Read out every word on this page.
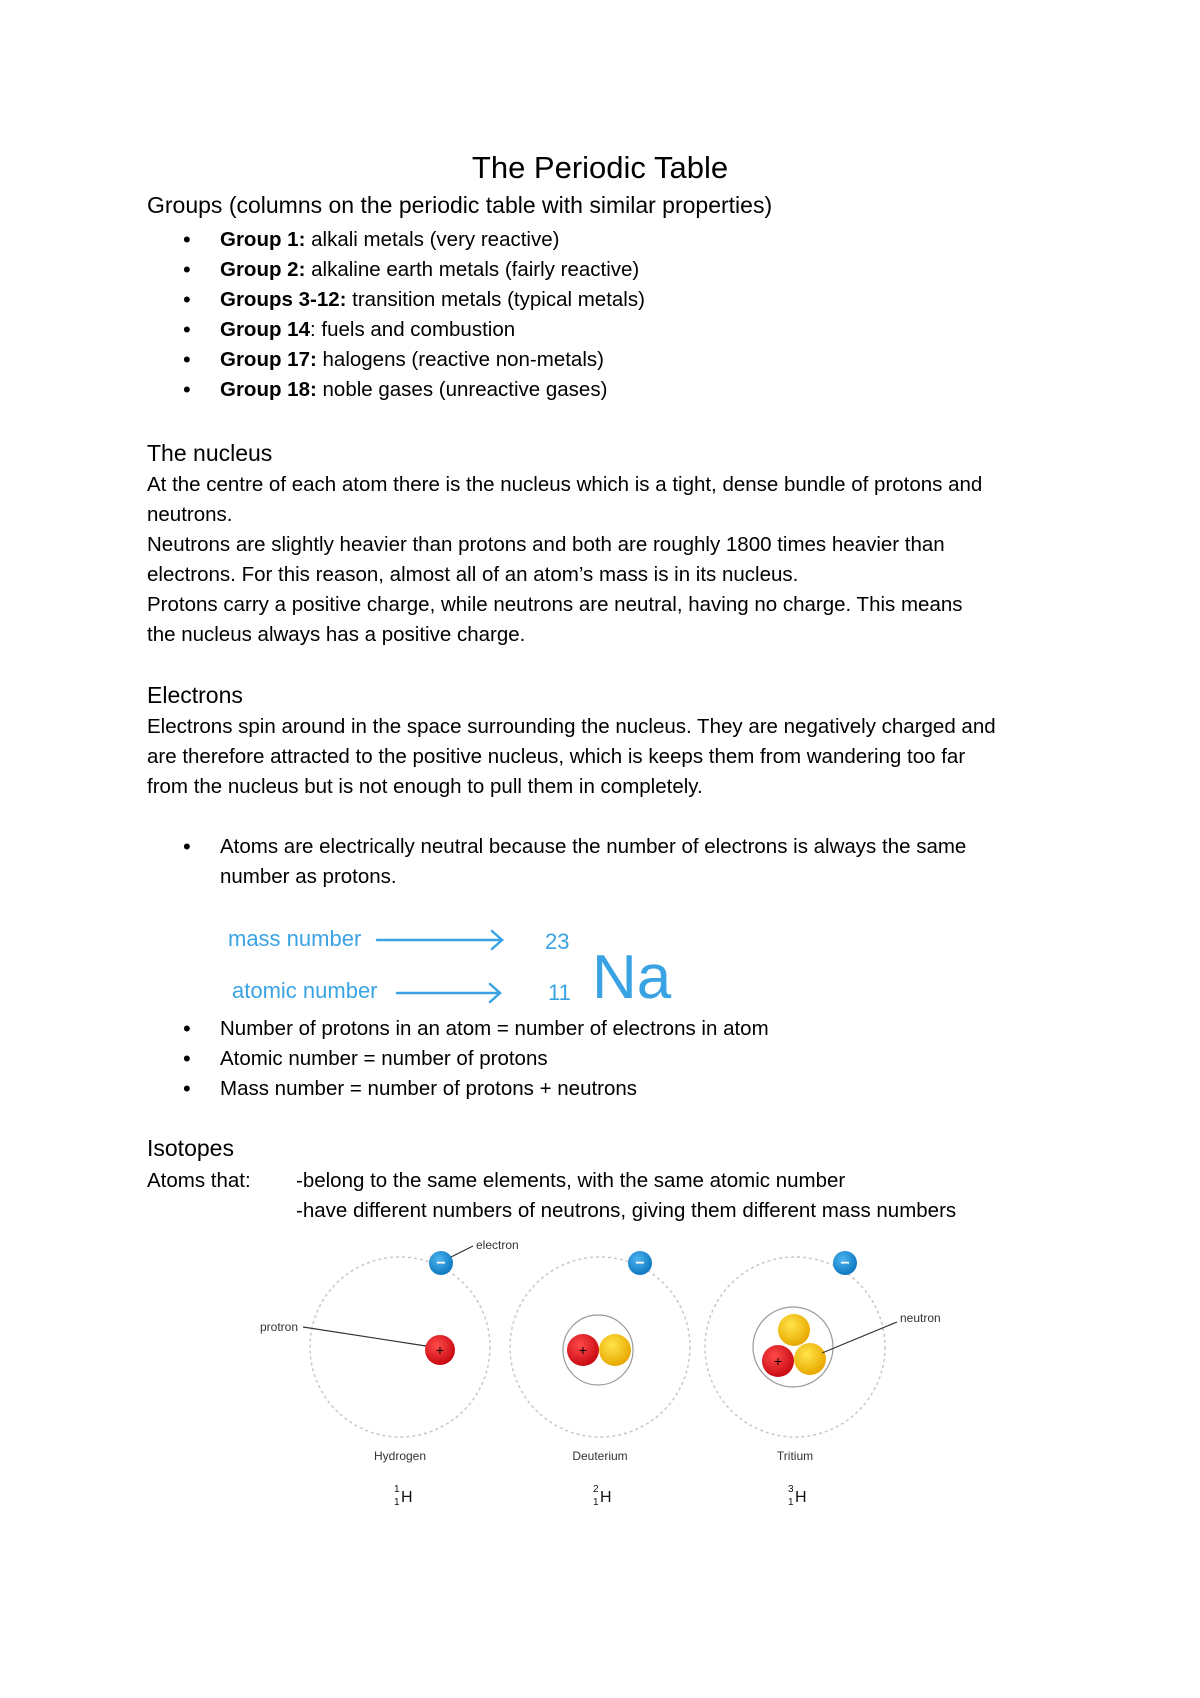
The Periodic Table

Groups (columns on the periodic table with similar properties)

• Group 1: alkali metals (very reactive)
• Group 2: alkaline earth metals (fairly reactive)
• Groups 3-12: transition metals (typical metals)
• Group 14: fuels and combustion
• Group 17: halogens (reactive non-metals)
• Group 18: noble gases (unreactive gases)

The nucleus

At the centre of each atom there is the nucleus which is a tight, dense bundle of protons and
neutrons.
Neutrons are slightly heavier than protons and both are roughly 1800 times heavier than
electrons. For this reason, almost all of an atom’s mass is in its nucleus.
Protons carry a positive charge, while neutrons are neutral, having no charge. This means
the nucleus always has a positive charge.

Electrons

Electrons spin around in the space surrounding the nucleus. They are negatively charged and
are therefore attracted to the positive nucleus, which is keeps them from wandering too far
from the nucleus but is not enough to pull them in completely.
• Atoms are electrically neutral because the number of electrons is always the same
number as protons.
mass number
atomic number
23
11 Na
• Number of protons in an atom = number of electrons in atom
• Atomic number = number of protons
• Mass number = number of protons + neutrons

Isotopes

Atoms that: -belong to the same elements, with the same atomic number
-have different numbers of neutrons, giving them different mass numbers
+
−
protron
electron
+
−
+
−
neutron
Hydrogen	Deuterium	Tritium
1
1 H	2
1 H	3
1 H
